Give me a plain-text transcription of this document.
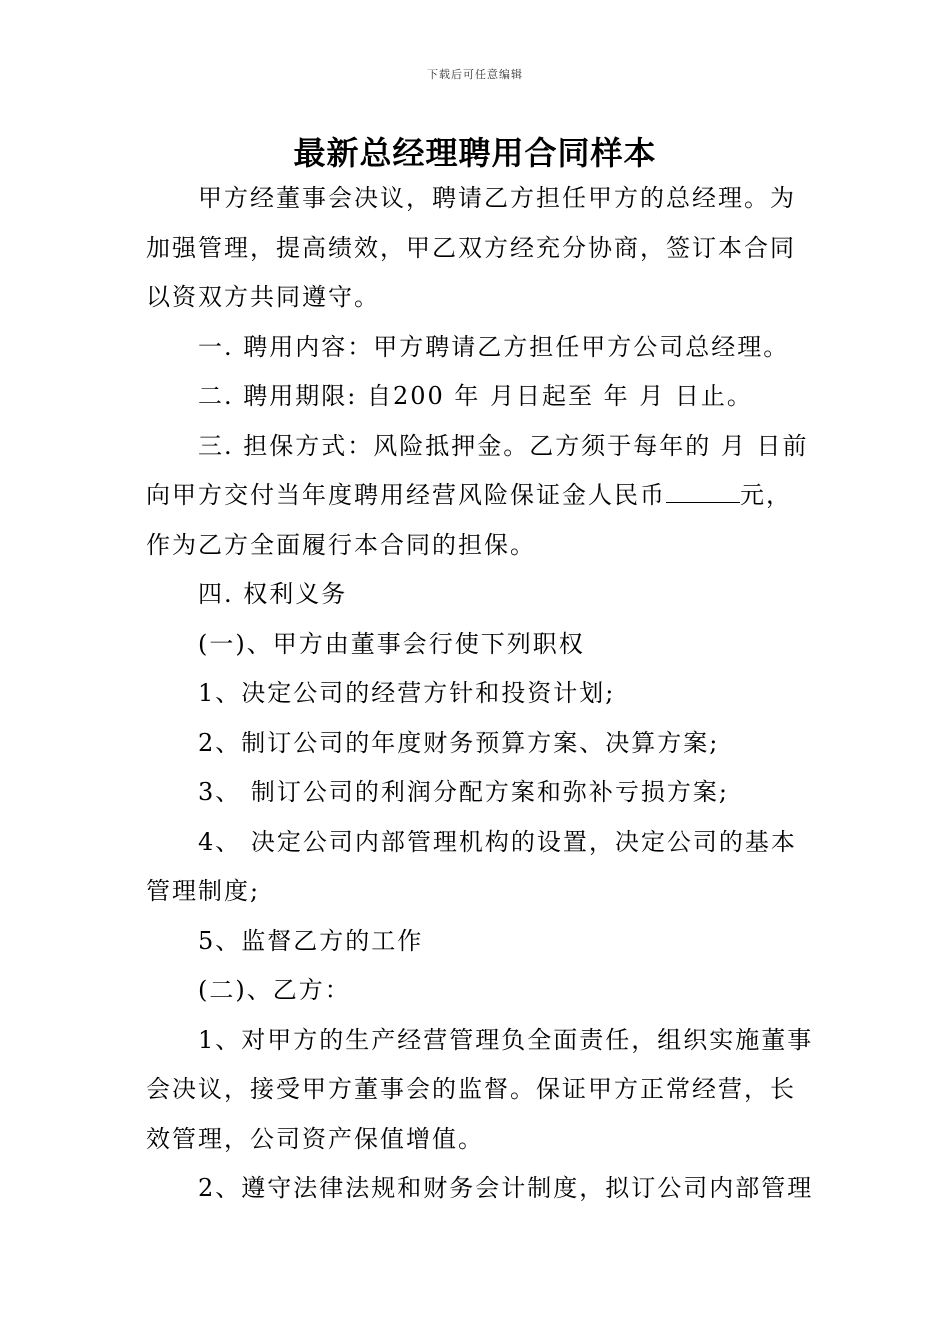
下载后可任意编辑
最新总经理聘用合同样本

甲方经董事会决议，聘请乙方担任甲方的总经理。为加强管理，提高绩效，甲乙双方经充分协商，签订本合同以资双方共同遵守。

一. 聘用内容：甲方聘请乙方担任甲方公司总经理。

二. 聘用期限: 自200 年 月日起至 年 月 日止。

三. 担保方式：风险抵押金。乙方须于每年的 月 日前向甲方交付当年度聘用经营风险保证金人民币	元，作为乙方全面履行本合同的担保。

四. 权利义务

(一)、甲方由董事会行使下列职权

1、决定公司的经营方针和投资计划;

2、制订公司的年度财务预算方案、决算方案;

3、 制订公司的利润分配方案和弥补亏损方案;

4、 决定公司内部管理机构的设置，决定公司的基本管理制度;

5、监督乙方的工作

(二)、乙方：

1、对甲方的生产经营管理负全面责任，组织实施董事会决议，接受甲方董事会的监督。保证甲方正常经营，长效管理，公司资产保值增值。

2、遵守法律法规和财务会计制度，拟订公司内部管理
